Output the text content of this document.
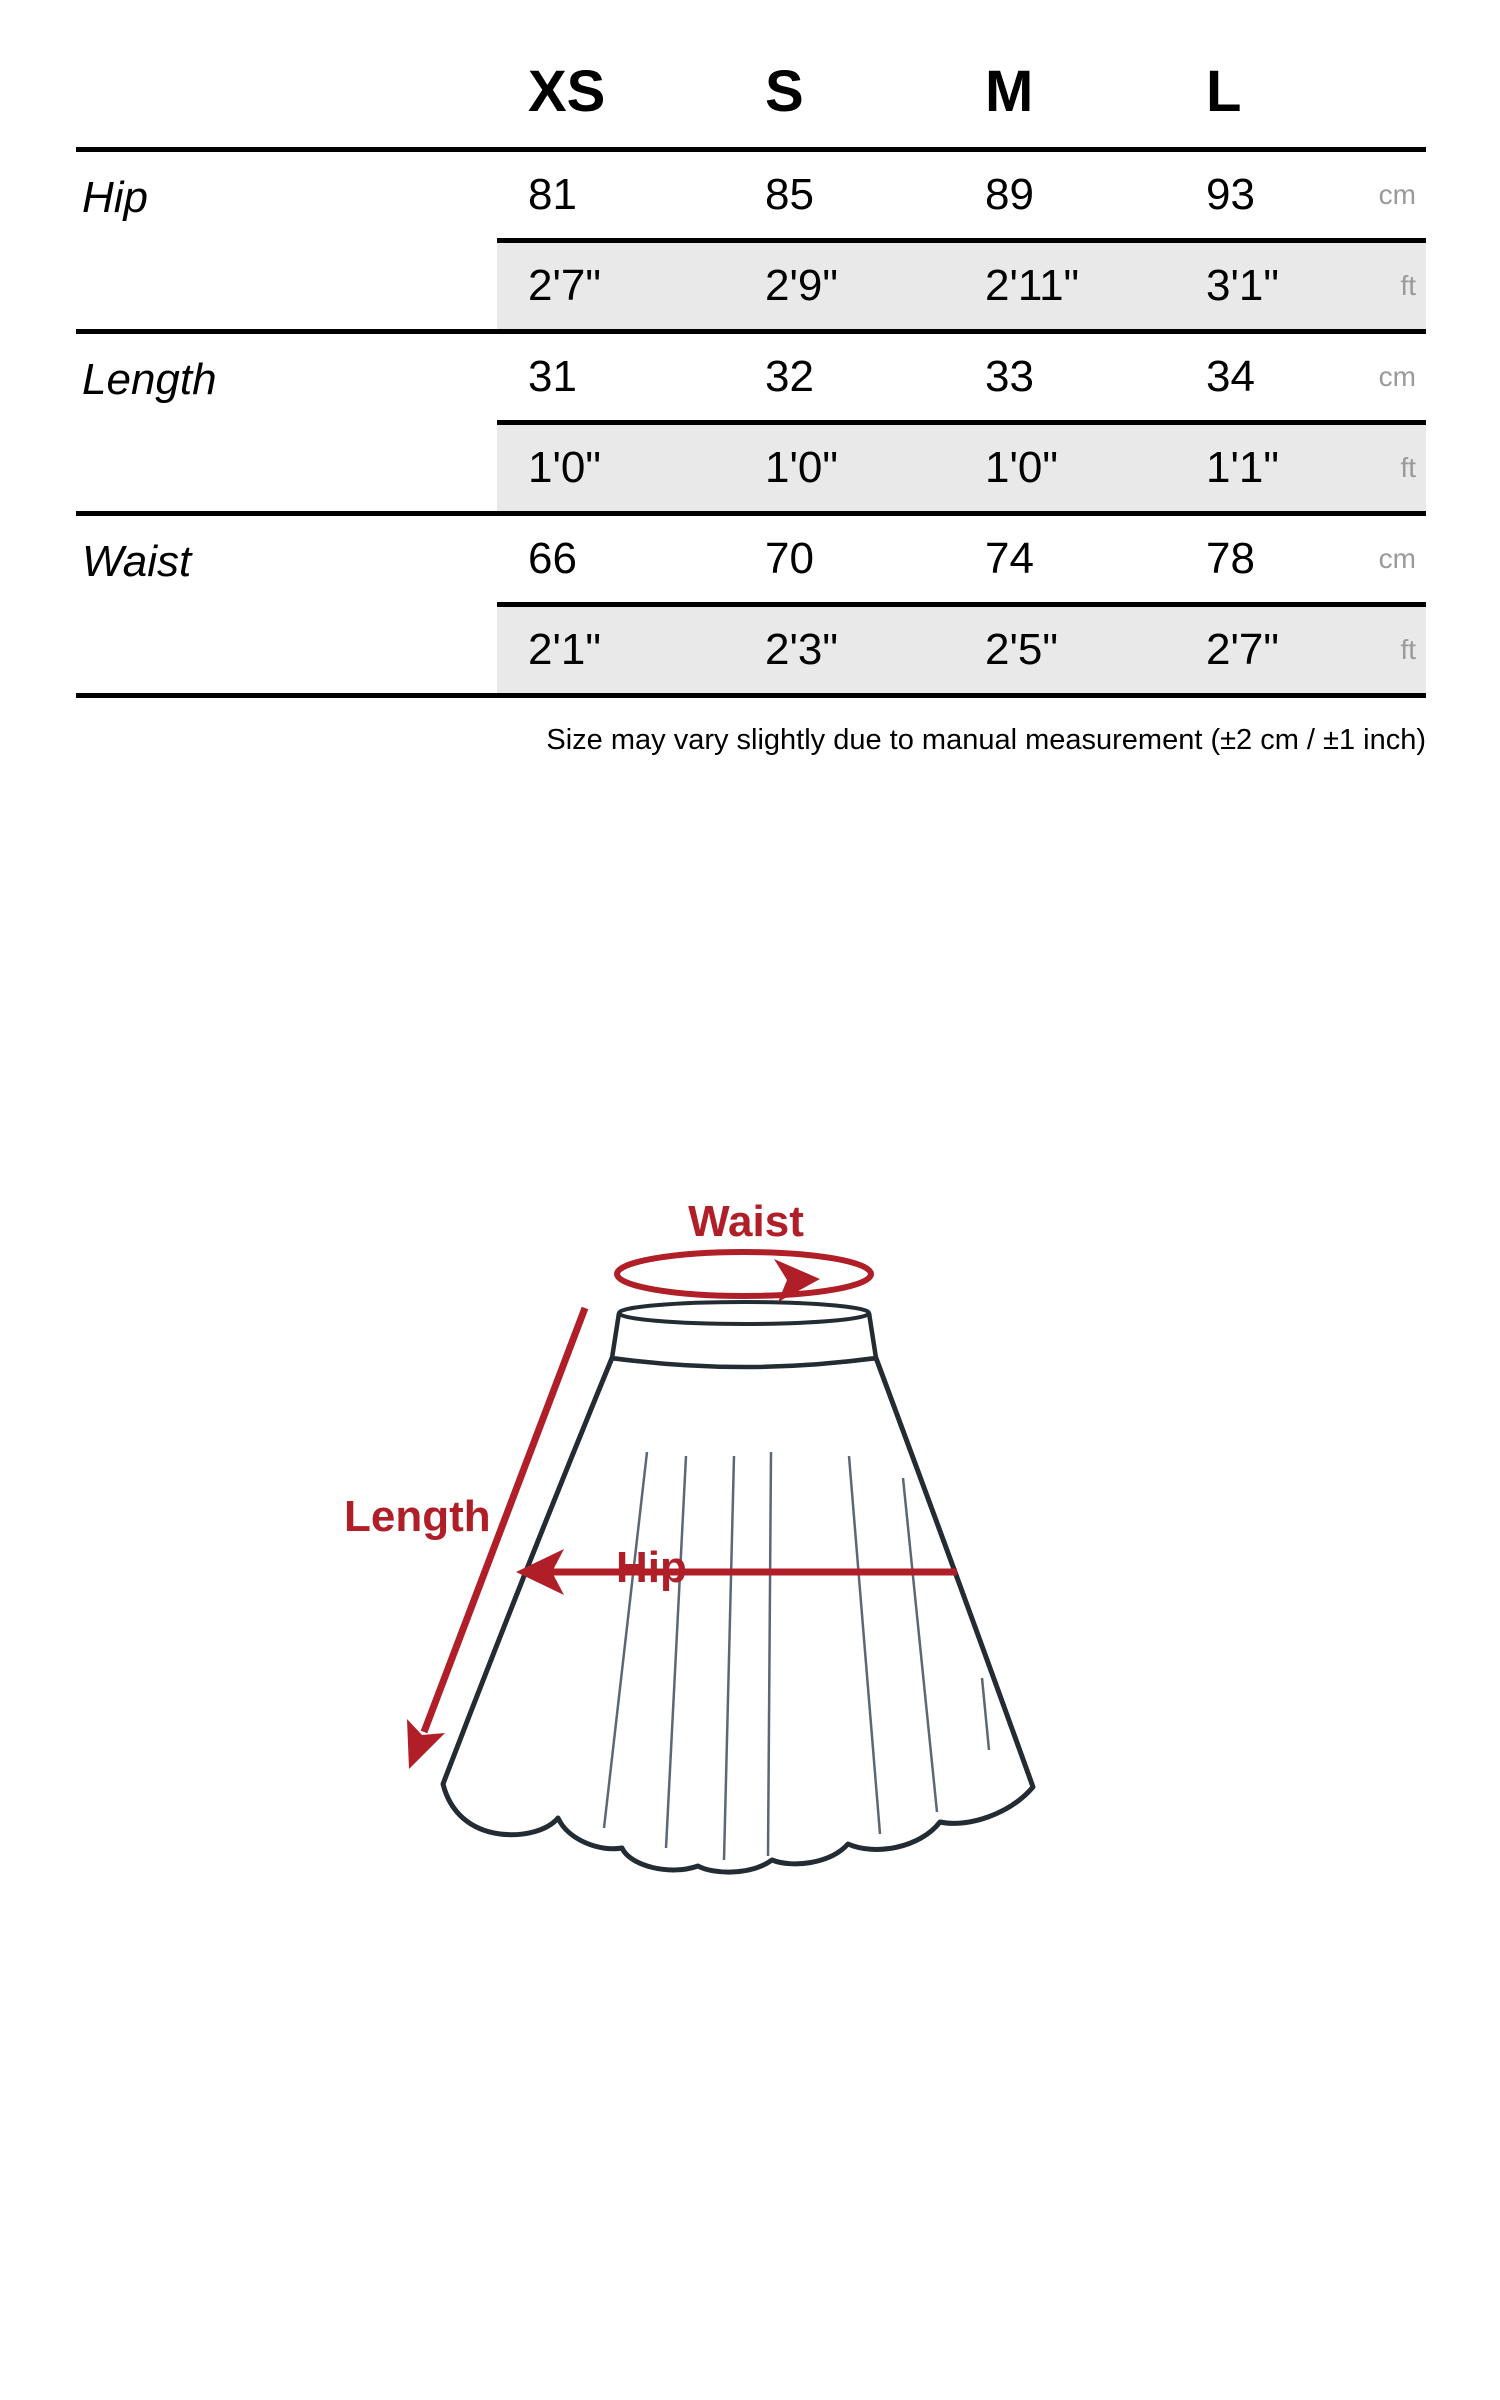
XS	S	M	L
Hip	81	85	89	93	cm
2'7"	2'9"	2'11"	3'1"	ft
Length	31	32	33	34	cm
1'0"	1'0"	1'0"	1'1"	ft
Waist	66	70	74	78	cm
2'1"	2'3"	2'5"	2'7"	ft
Size may vary slightly due to manual measurement (±2 cm / ±1 inch)
Waist
Length
Hip
